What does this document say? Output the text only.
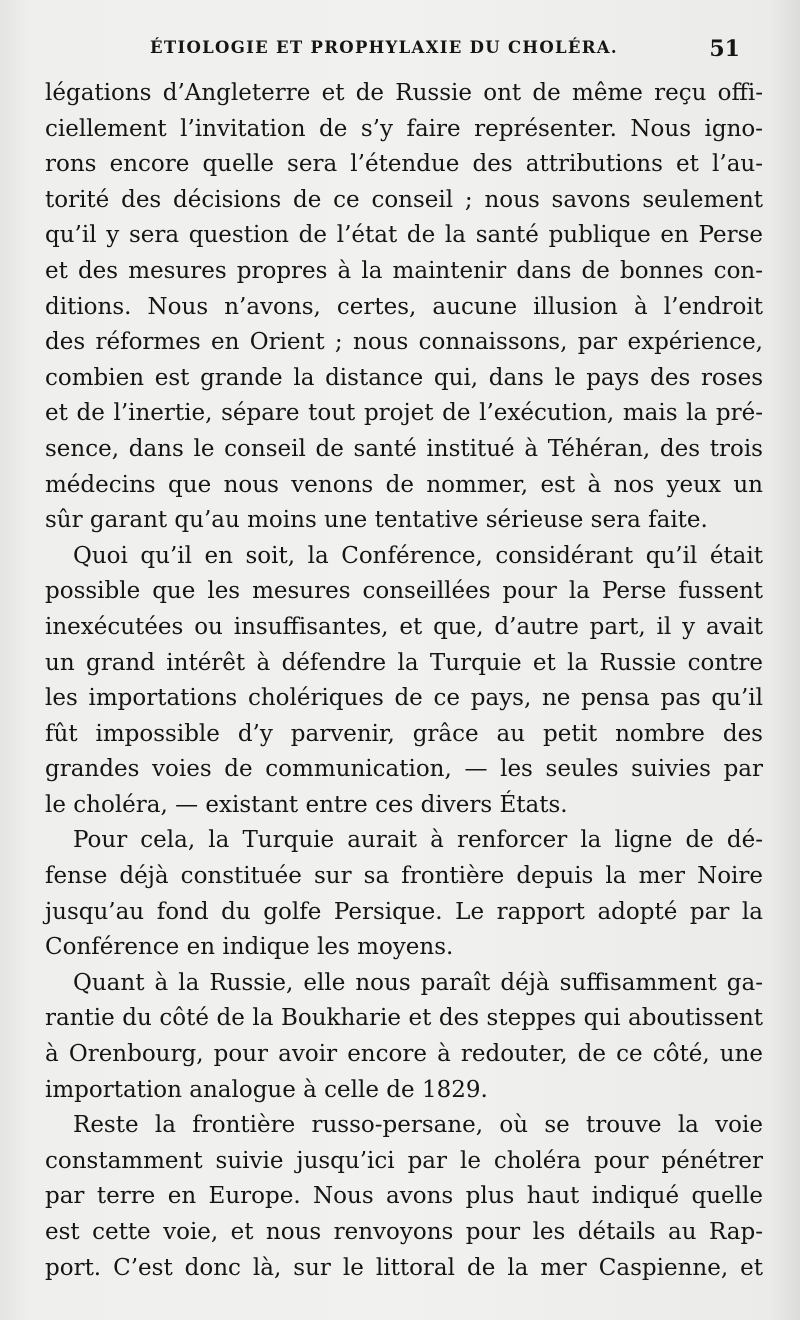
ÉTIOLOGIE ET PROPHYLAXIE DU CHOLÉRA.	51
légations d’Angleterre et de Russie ont de même reçu offi-
ciellement l’invitation de s’y faire représenter. Nous igno-
rons encore quelle sera l’étendue des attributions et l’au-
torité des décisions de ce conseil ; nous savons seulement
qu’il y sera question de l’état de la santé publique en Perse
et des mesures propres à la maintenir dans de bonnes con-
ditions. Nous n’avons, certes, aucune illusion à l’endroit
des réformes en Orient ; nous connaissons, par expérience,
combien est grande la distance qui, dans le pays des roses
et de l’inertie, sépare tout projet de l’exécution, mais la pré-
sence, dans le conseil de santé institué à Téhéran, des trois
médecins que nous venons de nommer, est à nos yeux un
sûr garant qu’au moins une tentative sérieuse sera faite.
Quoi qu’il en soit, la Conférence, considérant qu’il était
possible que les mesures conseillées pour la Perse fussent
inexécutées ou insuffisantes, et que, d’autre part, il y avait
un grand intérêt à défendre la Turquie et la Russie contre
les importations cholériques de ce pays, ne pensa pas qu’il
fût impossible d’y parvenir, grâce au petit nombre des
grandes voies de communication, — les seules suivies par
le choléra, — existant entre ces divers États.
Pour cela, la Turquie aurait à renforcer la ligne de dé-
fense déjà constituée sur sa frontière depuis la mer Noire
jusqu’au fond du golfe Persique. Le rapport adopté par la
Conférence en indique les moyens.
Quant à la Russie, elle nous paraît déjà suffisamment ga-
rantie du côté de la Boukharie et des steppes qui aboutissent
à Orenbourg, pour avoir encore à redouter, de ce côté, une
importation analogue à celle de 1829.
Reste la frontière russo-persane, où se trouve la voie
constamment suivie jusqu’ici par le choléra pour pénétrer
par terre en Europe. Nous avons plus haut indiqué quelle
est cette voie, et nous renvoyons pour les détails au Rap-
port. C’est donc là, sur le littoral de la mer Caspienne, et
